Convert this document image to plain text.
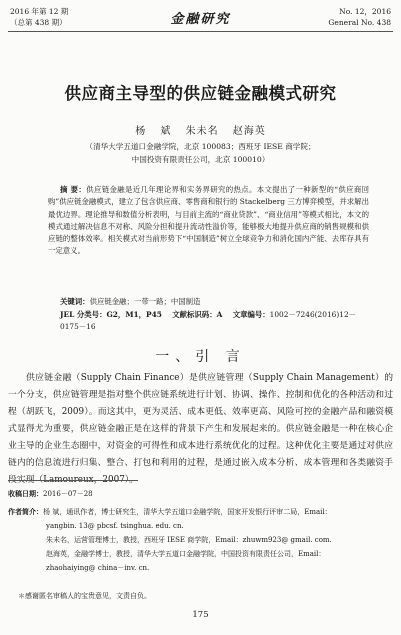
2016 年第 12 期
（总第 438 期）	金融研究
No. 12，2016
General No. 438
供应商主导型的供应链金融模式研究
杨 斌 朱未名 赵海英
（清华大学五道口金融学院，北京 100083；西班牙 IESE 商学院；
中国投资有限责任公司，北京 100010）
摘 要：供应链金融是近几年理论界和实务界研究的热点。本文提出了一种新型的“供应商回购”供应链金融模式，建立了包含供应商、零售商和银行的 Stackelberg 三方博弈模型，并求解出最优边界。理论推导和数值分析表明，与目前主流的“商业贷款”、“商业信用”等模式相比，本文的模式通过解决信息不对称、风险分担和提升流动性溢价等，能够极大地提升供应商的销售规模和供应链的整体效率。相关模式对当前形势下“中国制造”树立全球竞争力和消化国内产能、去库存具有一定意义。
关键词：供应链金融；一带一路；中国制造
JEL 分类号：G2，M1，P45 文献标识码：A 文章编号：1002－7246(2016)12－0175－16
一、引 言
供应链金融（Supply Chain Finance）是供应链管理（Supply Chain Management）的一个分支，供应链管理是指对整个供应链系统进行计划、协调、操作、控制和优化的各种活动和过程（胡跃飞，2009）。而这其中，更为灵活、成本更低、效率更高、风险可控的金融产品和融资模式显得尤为重要，供应链金融正是在这样的背景下产生和发展起来的。供应链金融是一种在核心企业主导的企业生态圈中，对资金的可得性和成本进行系统优化的过程。这种优化主要是通过对供应链内的信息流进行归集、整合、打包和利用的过程，是通过嵌入成本分析、成本管理和各类融资手段实现（Lamoureux，2007）。
收稿日期：2016－07－28
作者简介：杨 斌，通讯作者，博士研究生，清华大学五道口金融学院，国家开发银行评审二局，Email：
yangbin. 13@ pbcsf. tsinghua. edu. cn.
朱未名，运营管理博士，教授，西班牙 IESE 商学院，Email：zhuwm923@ gmail. com.
赵海英，金融学博士，教授，清华大学五道口金融学院，中国投资有限责任公司，Email：
zhaohaiying@ china－inv. cn.
＊感谢匿名审稿人的宝贵意见，文责自负。
175
